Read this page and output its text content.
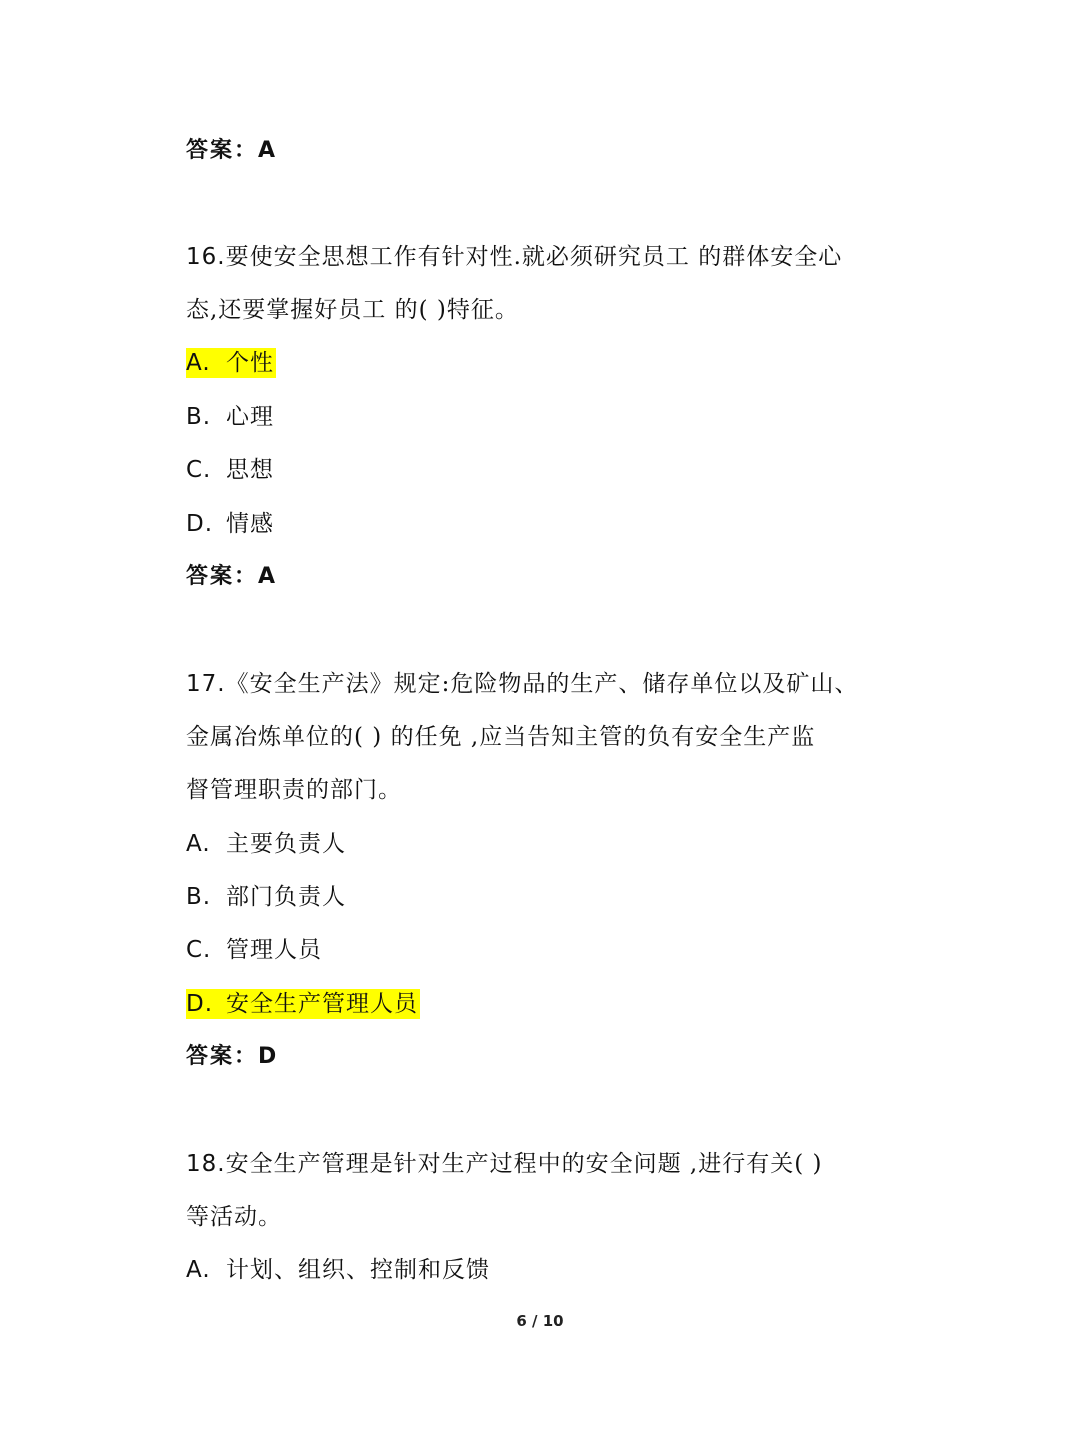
答案：A
16.要使安全思想工作有针对性.就必须研究员工 的群体安全心
态,还要掌握好员工 的( )特征。
A. 个性
B. 心理
C. 思想
D. 情感
答案：A
17.《安全生产法》规定:危险物品的生产、储存单位以及矿山、
金属冶炼单位的( ) 的任免 ,应当告知主管的负有安全生产监
督管理职责的部门。
A. 主要负责人
B. 部门负责人
C. 管理人员
D. 安全生产管理人员
答案：D
18.安全生产管理是针对生产过程中的安全问题 ,进行有关( )
等活动。
A. 计划、组织、控制和反馈
6 / 10
